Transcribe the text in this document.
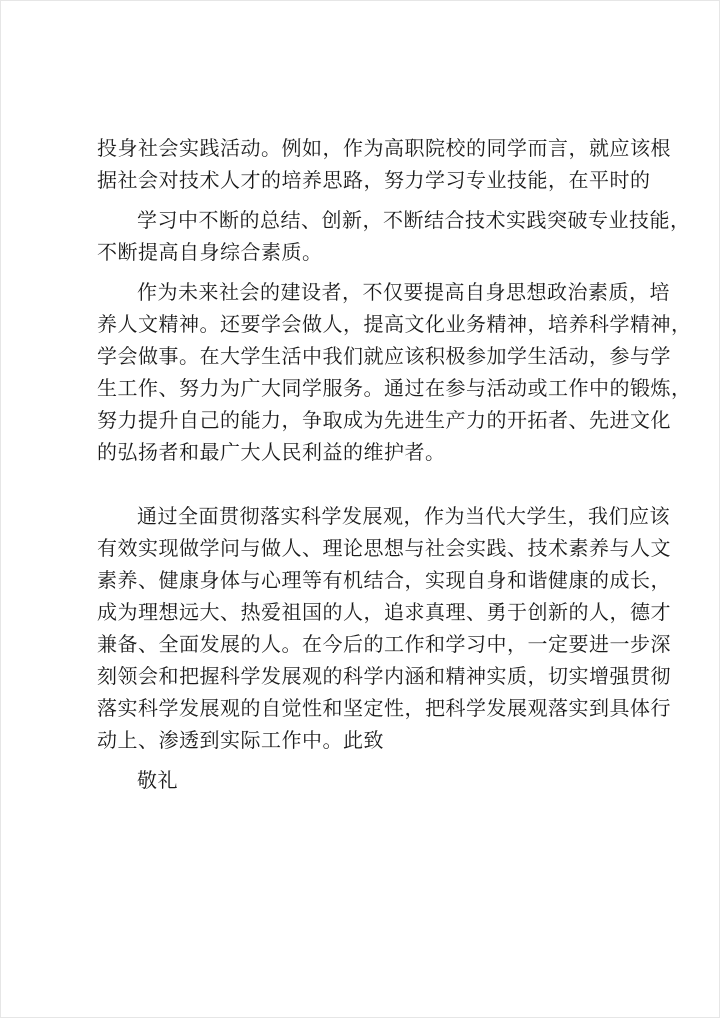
投身社会实践活动。例如，作为高职院校的同学而言，就应该根
据社会对技术人才的培养思路，努力学习专业技能，在平时的
学习中不断的总结、创新，不断结合技术实践突破专业技能，
不断提高自身综合素质。
作为未来社会的建设者，不仅要提高自身思想政治素质，培
养人文精神。还要学会做人，提高文化业务精神，培养科学精神，
学会做事。在大学生活中我们就应该积极参加学生活动，参与学
生工作、努力为广大同学服务。通过在参与活动或工作中的锻炼，
努力提升自己的能力，争取成为先进生产力的开拓者、先进文化
的弘扬者和最广大人民利益的维护者。
通过全面贯彻落实科学发展观，作为当代大学生，我们应该
有效实现做学问与做人、理论思想与社会实践、技术素养与人文
素养、健康身体与心理等有机结合，实现自身和谐健康的成长，
成为理想远大、热爱祖国的人，追求真理、勇于创新的人，德才
兼备、全面发展的人。在今后的工作和学习中，一定要进一步深
刻领会和把握科学发展观的科学内涵和精神实质，切实增强贯彻
落实科学发展观的自觉性和坚定性，把科学发展观落实到具体行
动上、渗透到实际工作中。此致
敬礼
